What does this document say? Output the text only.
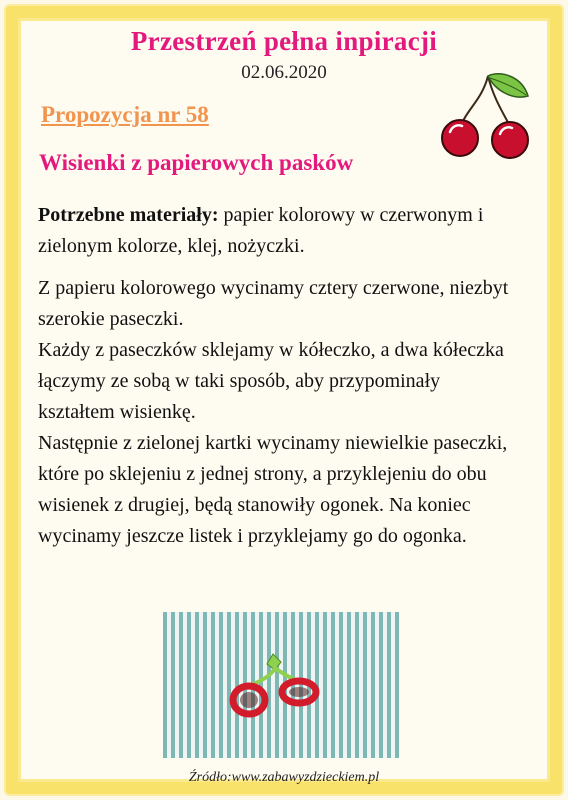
Przestrzeń pełna inpiracji
02.06.2020
Propozycja nr 58
Wisienki z papierowych pasków
Potrzebne materiały: papier kolorowy w czerwonym i zielonym kolorze, klej, nożyczki.

Z papieru kolorowego wycinamy cztery czerwone, niezbyt szerokie paseczki.

Każdy z paseczków sklejamy w kółeczko, a dwa kółeczka łączymy ze sobą w taki sposób, aby przypominały kształtem wisienkę.

Następnie z zielonej kartki wycinamy niewielkie paseczki, które po sklejeniu z jednej strony, a przyklejeniu do obu wisienek z drugiej, będą stanowiły ogonek. Na koniec wycinamy jeszcze listek i przyklejamy go do ogonka.

Źródło:www.zabawyzdzieckiem.pl
